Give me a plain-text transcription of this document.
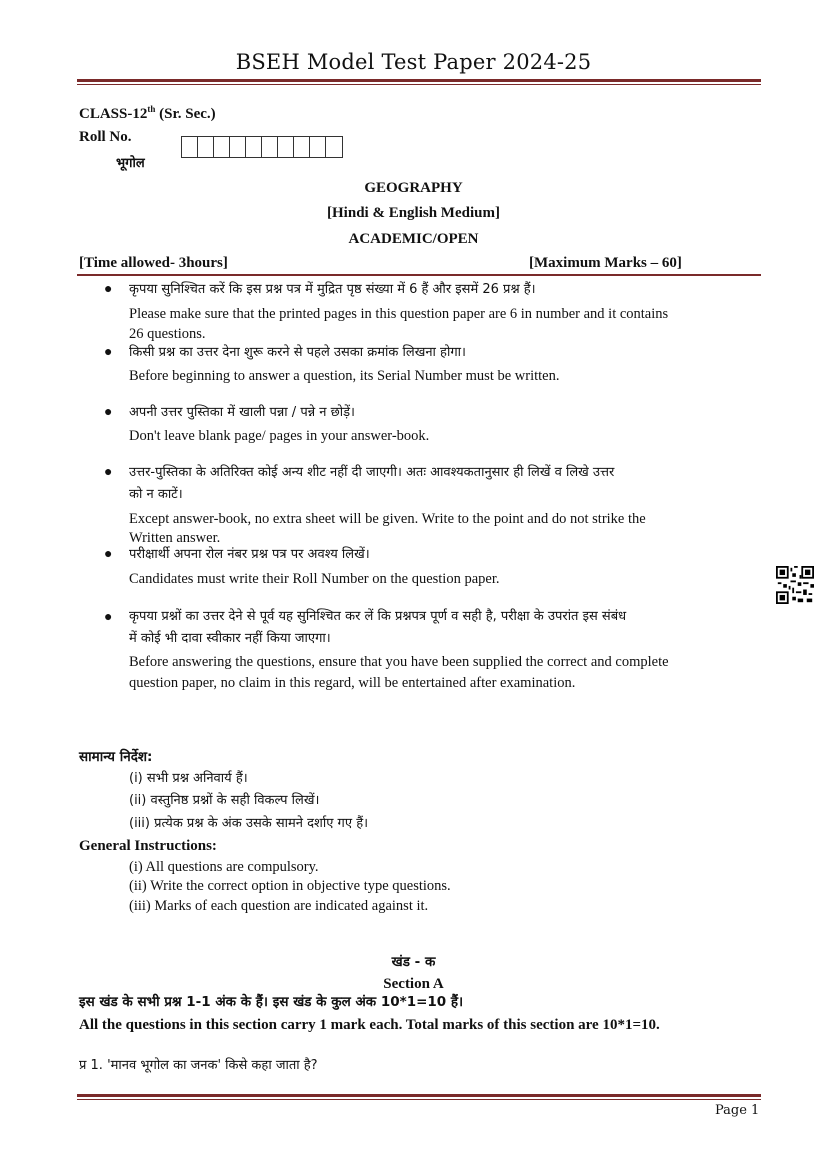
BSEH Model Test Paper 2024-25
CLASS-12th (Sr. Sec.)
Roll No.
भूगोल
GEOGRAPHY
[Hindi & English Medium]
ACADEMIC/OPEN
[Time allowed- 3hours]	[Maximum Marks – 60]
● कृपया सुनिश्चित करें कि इस प्रश्न पत्र में मुद्रित पृष्ठ संख्या में 6 हैं और इसमें 26 प्रश्न हैं।
Please make sure that the printed pages in this question paper are 6 in number and it contains
26 questions.
● किसी प्रश्न का उत्तर देना शुरू करने से पहले उसका क्रमांक लिखना होगा।
Before beginning to answer a question, its Serial Number must be written.
● अपनी उत्तर पुस्तिका में खाली पन्ना / पन्ने न छोड़ें।
Don't leave blank page/ pages in your answer-book.
● उत्तर-पुस्तिका के अतिरिक्त कोई अन्य शीट नहीं दी जाएगी। अतः आवश्यकतानुसार ही लिखें व लिखे उत्तर
को न काटें।
Except answer-book, no extra sheet will be given. Write to the point and do not strike the
Written answer.
● परीक्षार्थी अपना रोल नंबर प्रश्न पत्र पर अवश्य लिखें।
Candidates must write their Roll Number on the question paper.
● कृपया प्रश्नों का उत्तर देने से पूर्व यह सुनिश्चित कर लें कि प्रश्नपत्र पूर्ण व सही है, परीक्षा के उपरांत इस संबंध
में कोई भी दावा स्वीकार नहीं किया जाएगा।
Before answering the questions, ensure that you have been supplied the correct and complete
question paper, no claim in this regard, will be entertained after examination.
सामान्य निर्देश:
(i) सभी प्रश्न अनिवार्य हैं।
(ii) वस्तुनिष्ठ प्रश्नों के सही विकल्प लिखें।
(iii) प्रत्येक प्रश्न के अंक उसके सामने दर्शाए गए हैं।
General Instructions:
(i) All questions are compulsory.
(ii) Write the correct option in objective type questions.
(iii) Marks of each question are indicated against it.
खंड - क
Section A
इस खंड के सभी प्रश्न 1-1 अंक के हैं। इस खंड के कुल अंक 10*1=10 हैं।
All the questions in this section carry 1 mark each. Total marks of this section are 10*1=10.
प्र 1. 'मानव भूगोल का जनक' किसे कहा जाता है?
Page 1
